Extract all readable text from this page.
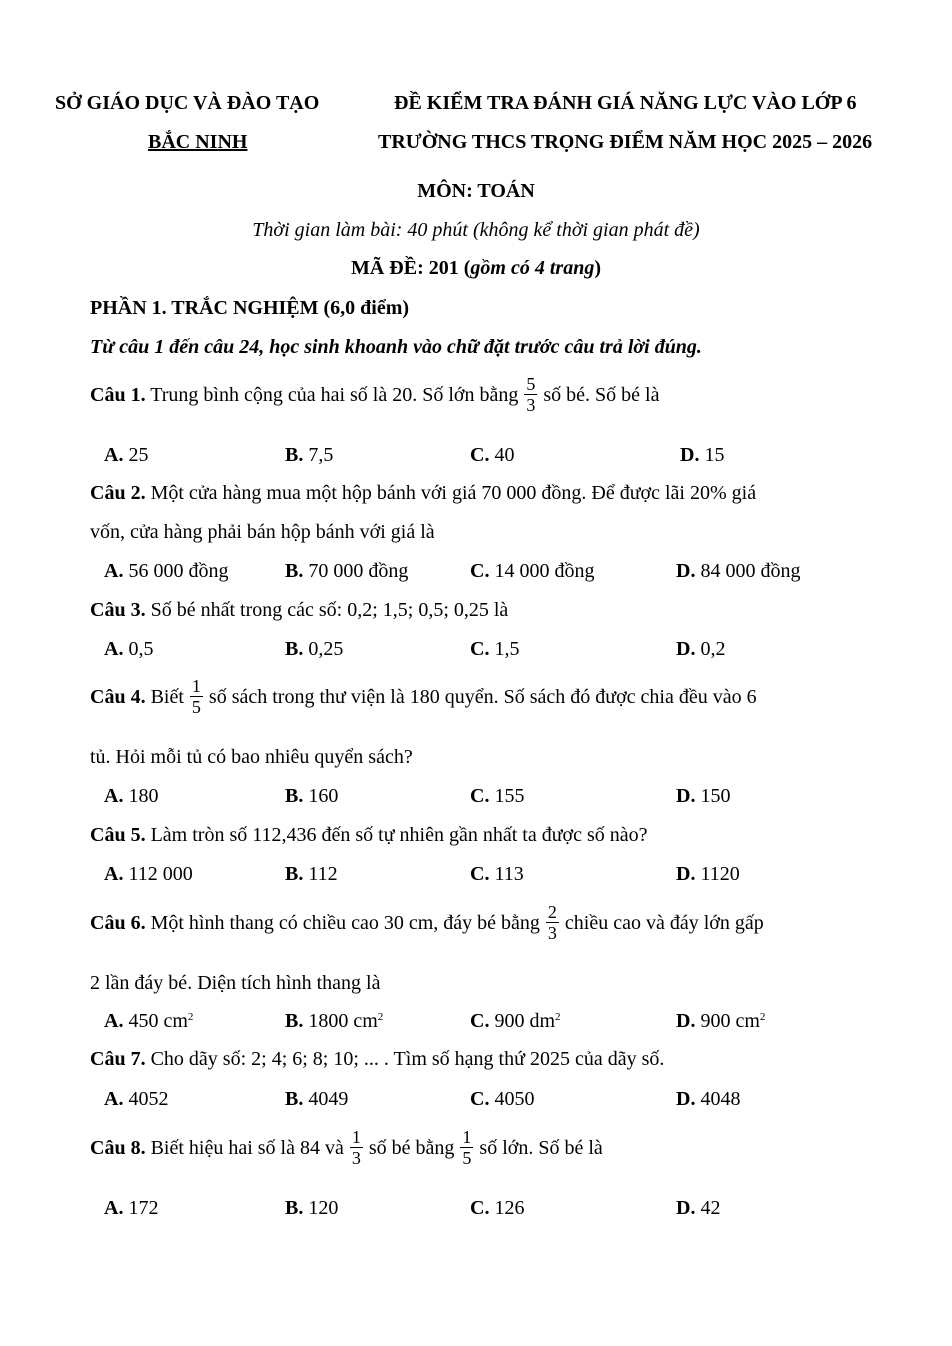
SỞ GIÁO DỤC VÀ ĐÀO TẠO
BẮC NINH
ĐỀ KIỂM TRA ĐÁNH GIÁ NĂNG LỰC VÀO LỚP 6
TRƯỜNG THCS TRỌNG ĐIỂM NĂM HỌC 2025 – 2026
MÔN: TOÁN
Thời gian làm bài: 40 phút (không kể thời gian phát đề)
MÃ ĐỀ: 201 (gồm có 4 trang)
PHẦN 1. TRẮC NGHIỆM (6,0 điểm)
Từ câu 1 đến câu 24, học sinh khoanh vào chữ đặt trước câu trả lời đúng.
Câu 1. Trung bình cộng của hai số là 20. Số lớn bằng $\frac{5}{3}$ số bé. Số bé là
A. 25	B. 7,5	C. 40	D. 15
Câu 2. Một cửa hàng mua một hộp bánh với giá 70 000 đồng. Để được lãi 20% giá
vốn, cửa hàng phải bán hộp bánh với giá là
A. 56 000 đồng	B. 70 000 đồng	C. 14 000 đồng	D. 84 000 đồng
Câu 3. Số bé nhất trong các số: 0,2; 1,5; 0,5; 0,25 là
A. 0,5	B. 0,25	C. 1,5	D. 0,2
Câu 4. Biết $\frac{1}{5}$ số sách trong thư viện là 180 quyển. Số sách đó được chia đều vào 6
tủ. Hỏi mỗi tủ có bao nhiêu quyển sách?
A. 180	B. 160	C. 155	D. 150
Câu 5. Làm tròn số 112,436 đến số tự nhiên gần nhất ta được số nào?
A. 112 000	B. 112	C. 113	D. 1120
Câu 6. Một hình thang có chiều cao 30 cm, đáy bé bằng $\frac{2}{3}$ chiều cao và đáy lớn gấp
2 lần đáy bé. Diện tích hình thang là
A. 450 $cm^2$	B. 1800 $cm^2$	C. 900 $dm^2$	D. 900 $cm^2$
Câu 7. Cho dãy số: 2; 4; 6; 8; 10; ... . Tìm số hạng thứ 2025 của dãy số.
A. 4052	B. 4049	C. 4050	D. 4048
Câu 8. Biết hiệu hai số là 84 và $\frac{1}{3}$ số bé bằng $\frac{1}{5}$ số lớn. Số bé là
A. 172	B. 120	C. 126	D. 42
